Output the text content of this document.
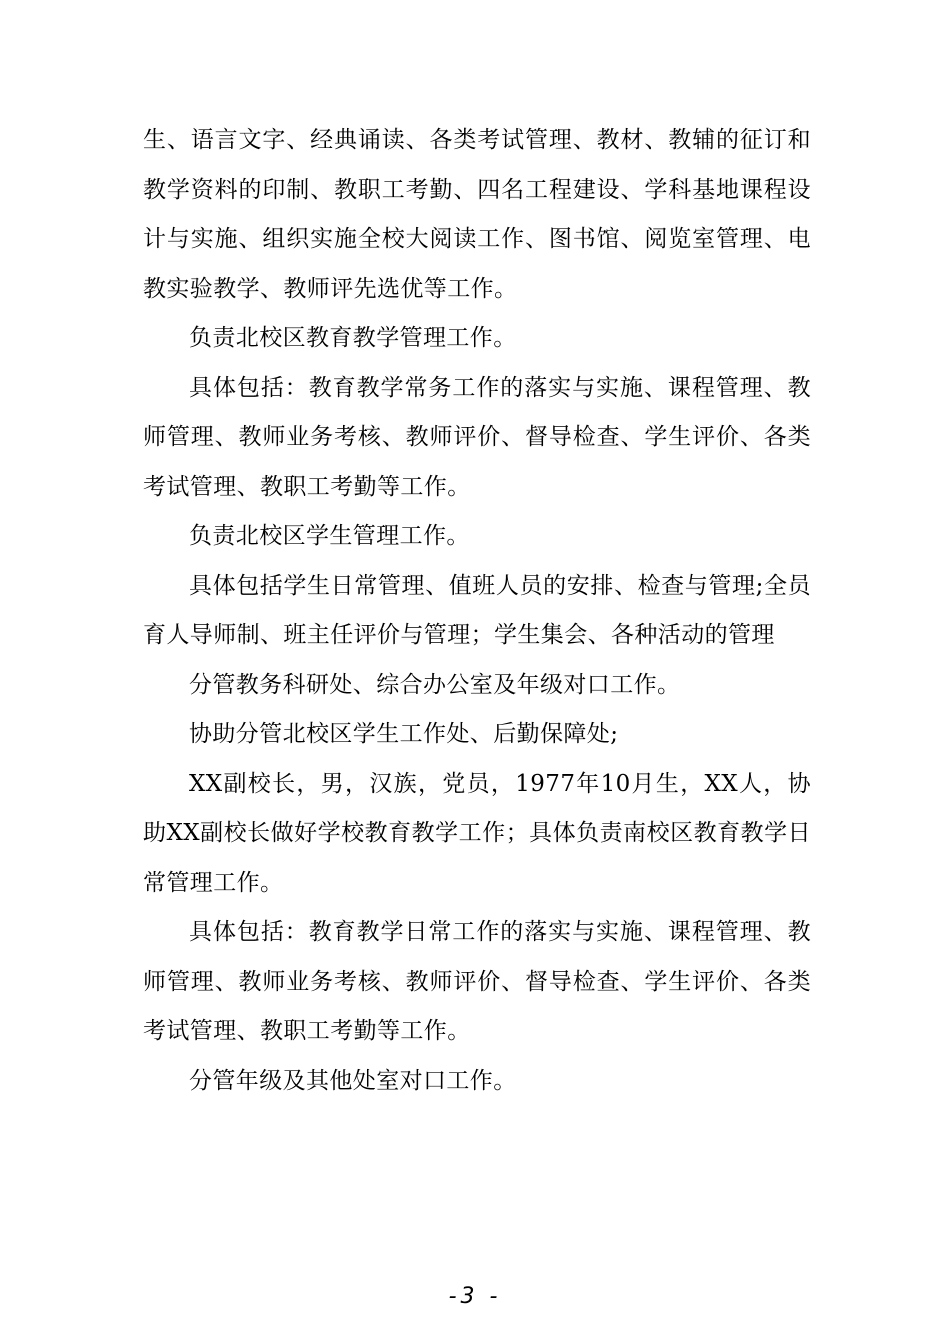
生、语言文字、经典诵读、各类考试管理、教材、教辅的征订和教学资料的印制、教职工考勤、四名工程建设、学科基地课程设计与实施、组织实施全校大阅读工作、图书馆、阅览室管理、电教实验教学、教师评先选优等工作。

负责北校区教育教学管理工作。

具体包括：教育教学常务工作的落实与实施、课程管理、教师管理、教师业务考核、教师评价、督导检查、学生评价、各类考试管理、教职工考勤等工作。

负责北校区学生管理工作。

具体包括学生日常管理、值班人员的安排、检查与管理;全员育人导师制、班主任评价与管理；学生集会、各种活动的管理

分管教务科研处、综合办公室及年级对口工作。

协助分管北校区学生工作处、后勤保障处;

XX副校长，男，汉族，党员，1977年10月生，XX人，协助XX副校长做好学校教育教学工作；具体负责南校区教育教学日常管理工作。

具体包括：教育教学日常工作的落实与实施、课程管理、教师管理、教师业务考核、教师评价、督导检查、学生评价、各类考试管理、教职工考勤等工作。

分管年级及其他处室对口工作。

-3 -
